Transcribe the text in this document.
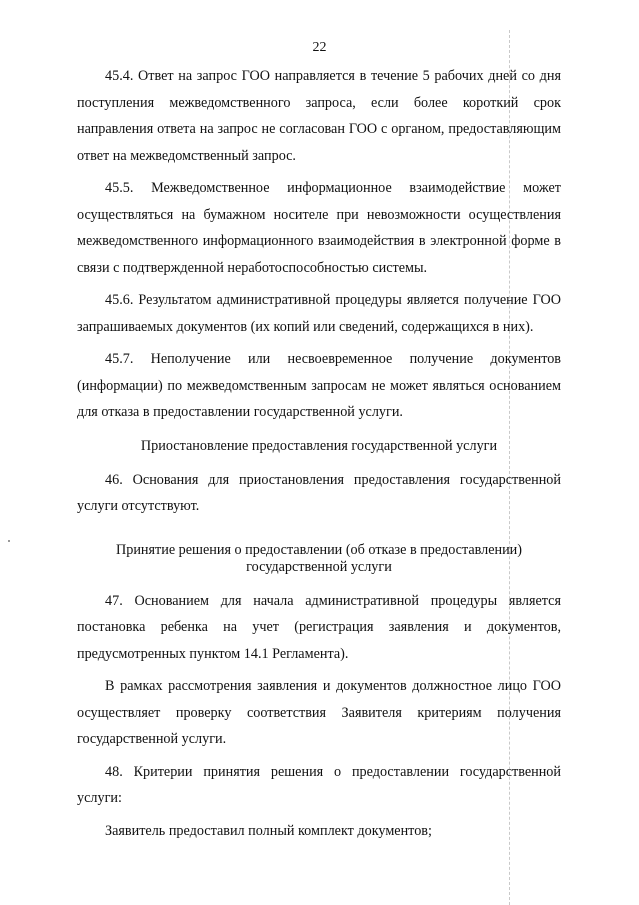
22

45.4. Ответ на запрос ГОО направляется в течение 5 рабочих дней со дня поступления межведомственного запроса, если более короткий срок направления ответа на запрос не согласован ГОО с органом, предоставляющим ответ на межведомственный запрос.

45.5. Межведомственное информационное взаимодействие может осуществляться на бумажном носителе при невозможности осуществления межведомственного информационного взаимодействия в электронной форме в связи с подтвержденной неработоспособностью системы.

45.6. Результатом административной процедуры является получение ГОО запрашиваемых документов (их копий или сведений, содержащихся в них).

45.7. Неполучение или несвоевременное получение документов (информации) по межведомственным запросам не может являться основанием для отказа в предоставлении государственной услуги.

Приостановление предоставления государственной услуги

46. Основания для приостановления предоставления государственной услуги отсутствуют.

Принятие решения о предоставлении (об отказе в предоставлении)
государственной услуги

47. Основанием для начала административной процедуры является постановка ребенка на учет (регистрация заявления и документов, предусмотренных пунктом 14.1 Регламента).

В рамках рассмотрения заявления и документов должностное лицо ГОО осуществляет проверку соответствия Заявителя критериям получения государственной услуги.

48. Критерии принятия решения о предоставлении государственной услуги:

Заявитель предоставил полный комплект документов;
